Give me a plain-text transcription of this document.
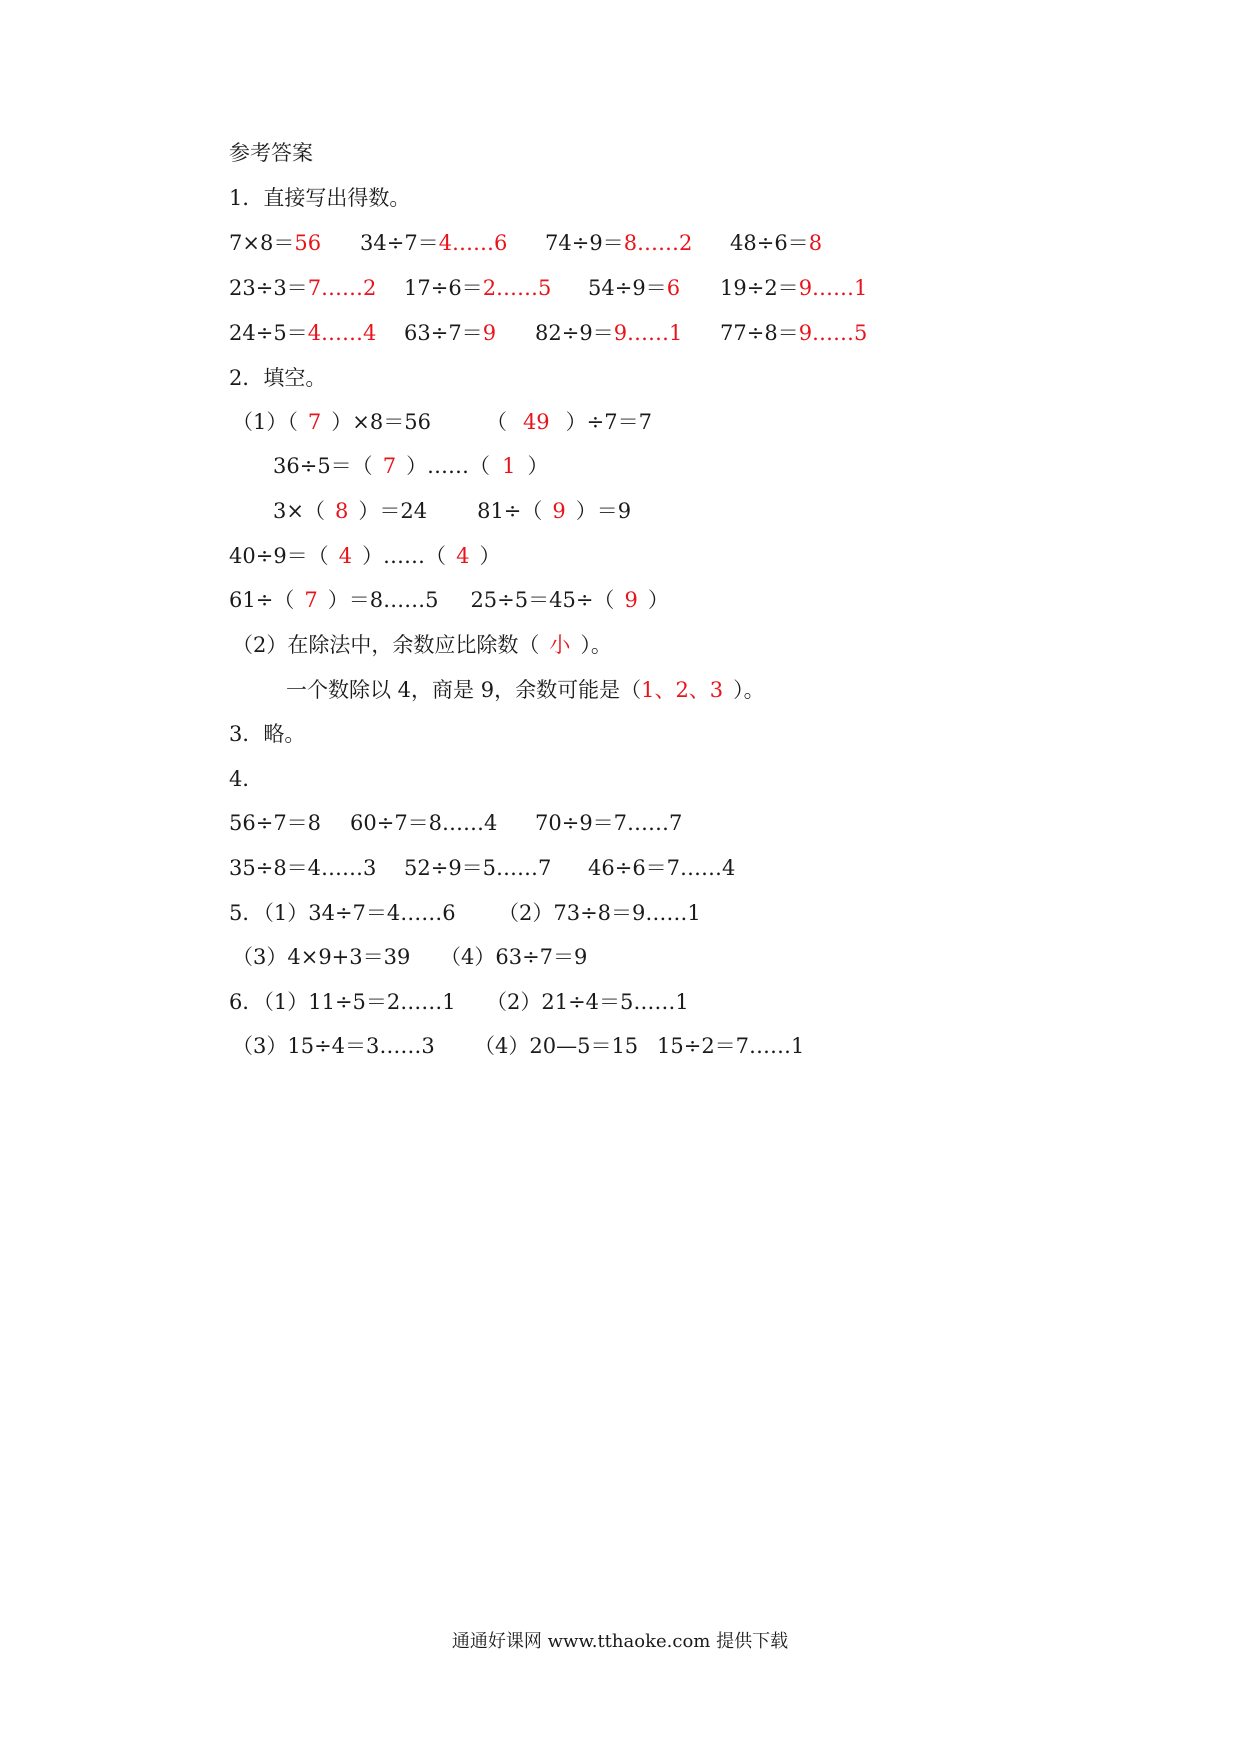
参考答案
1．直接写出得数。
7×8＝56 34÷7＝4……6 74÷9＝8……2 48÷6＝8
23÷3＝7……2 17÷6＝2……5 54÷9＝6 19÷2＝9……1
24÷5＝4……4 63÷7＝9 82÷9＝9……1 77÷8＝9……5
2．填空。
（1）（ 7 ）×8＝56	（ 49 ）÷7＝7
36÷5＝（ 7 ）……（ 1 ）
3×（ 8 ）＝24 81÷（ 9 ）＝9
40÷9＝（ 4 ）……（ 4 ）
61÷（ 7 ）＝8……5 25÷5＝45÷（ 9 ）
（2）在除法中，余数应比除数（ 小 ）。
一个数除以 4，商是 9，余数可能是（1、2、3 ）。
3．略。
4．
56÷7＝8 60÷7＝8……4 70÷9＝7……7
35÷8＝4……3 52÷9＝5……7 46÷6＝7……4
5．（1）34÷7＝4……6 （2）73÷8＝9……1
（3）4×9+3＝39 （4）63÷7＝9
6．（1）11÷5＝2……1 （2）21÷4＝5……1
（3）15÷4＝3……3 （4）20—5＝15 15÷2＝7……1
通通好课网 www.tthaoke.com 提供下载
